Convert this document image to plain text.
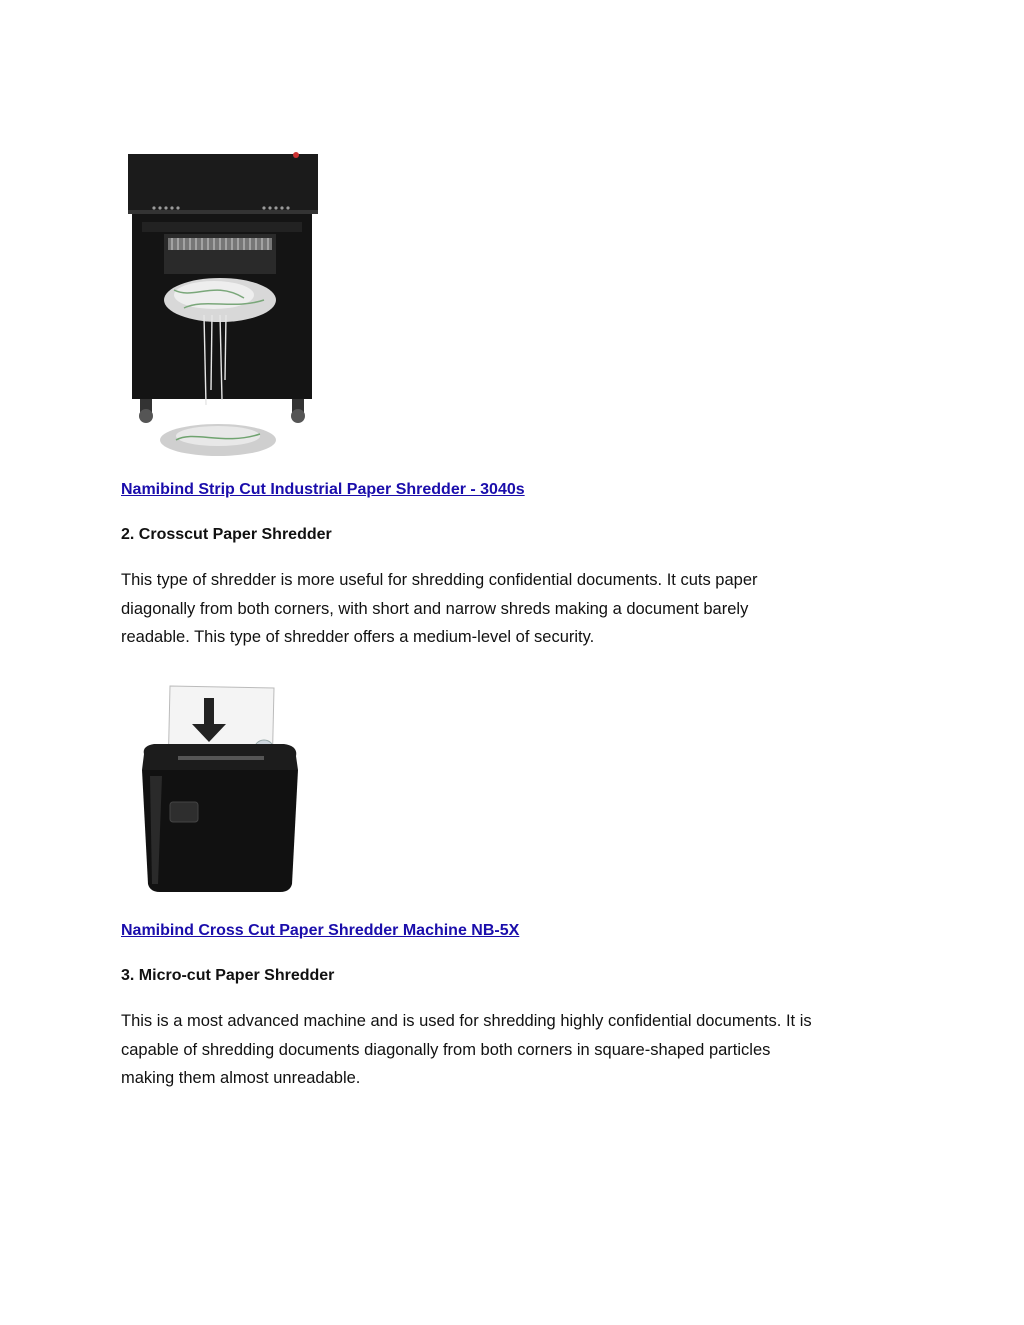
Namibind Strip Cut Industrial Paper Shredder - 3040s
2. Crosscut Paper Shredder
This type of shredder is more useful for shredding confidential documents. It cuts paper
diagonally from both corners, with short and narrow shreds making a document barely
readable. This type of shredder offers a medium-level of security.
Namibind Cross Cut Paper Shredder Machine NB-5X
3. Micro-cut Paper Shredder
This is a most advanced machine and is used for shredding highly confidential documents. It is
capable of shredding documents diagonally from both corners in square-shaped particles
making them almost unreadable.
